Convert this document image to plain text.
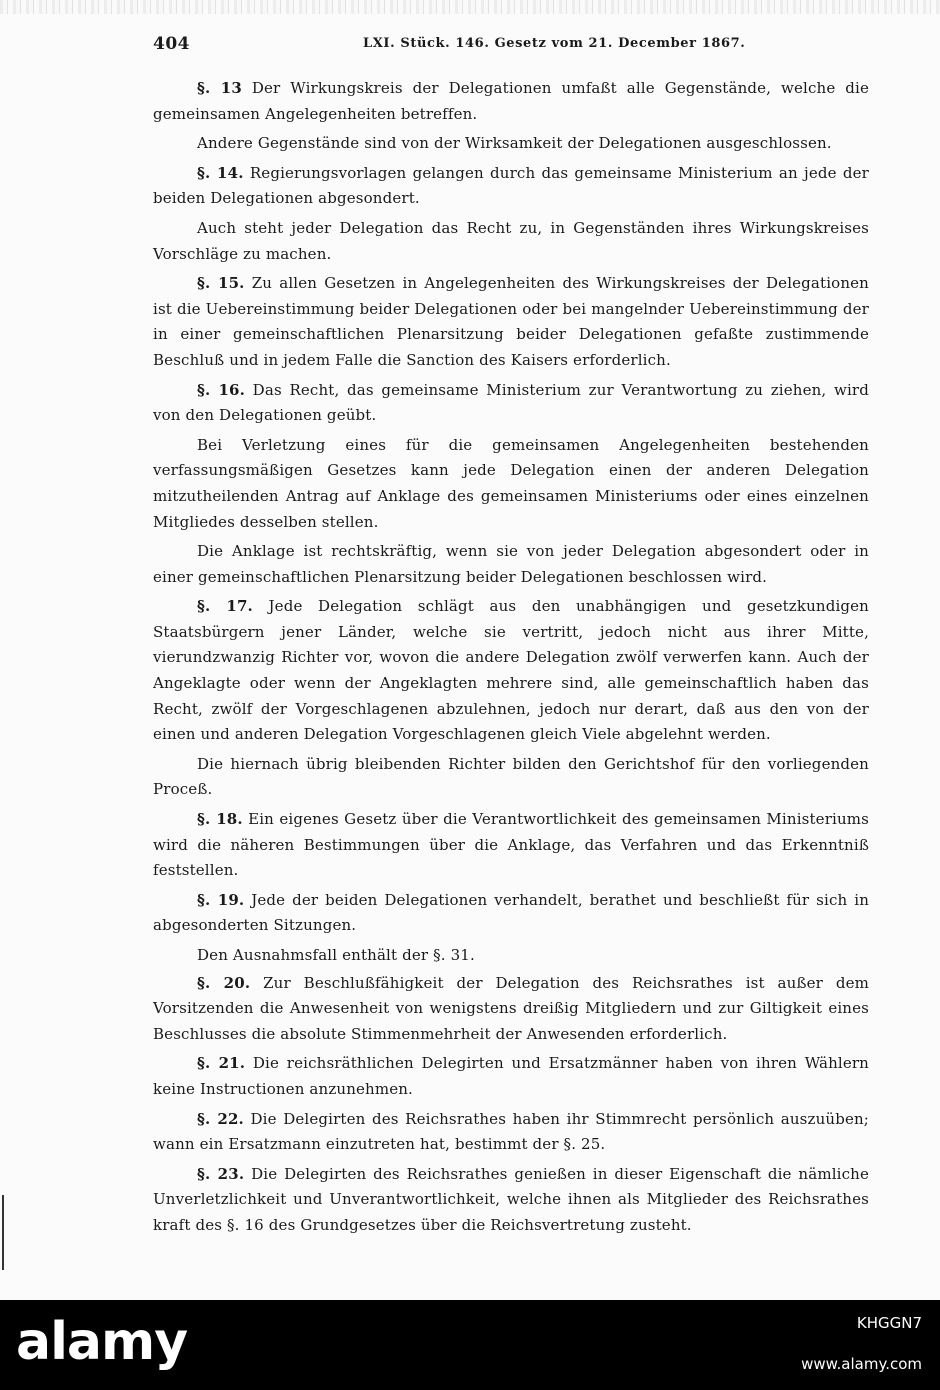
404	LXI. Stück. 146. Gesetz vom 21. December 1867.

§. 13 Der Wirkungskreis der Delegationen umfaßt alle Gegenstände, welche die gemeinsamen Angelegenheiten betreffen.

Andere Gegenstände sind von der Wirksamkeit der Delegationen ausgeschlossen.

§. 14. Regierungsvorlagen gelangen durch das gemeinsame Ministerium an jede der beiden Delegationen abgesondert.

Auch steht jeder Delegation das Recht zu, in Gegenständen ihres Wirkungskreises Vorschläge zu machen.

§. 15. Zu allen Gesetzen in Angelegenheiten des Wirkungskreises der Delegationen ist die Uebereinstimmung beider Delegationen oder bei mangelnder Uebereinstimmung der in einer gemeinschaftlichen Plenarsitzung beider Delegationen gefaßte zustimmende Beschluß und in jedem Falle die Sanction des Kaisers erforderlich.

§. 16. Das Recht, das gemeinsame Ministerium zur Verantwortung zu ziehen, wird von den Delegationen geübt.

Bei Verletzung eines für die gemeinsamen Angelegenheiten bestehenden verfassungsmäßigen Gesetzes kann jede Delegation einen der anderen Delegation mitzutheilenden Antrag auf Anklage des gemeinsamen Ministeriums oder eines einzelnen Mitgliedes desselben stellen.

Die Anklage ist rechtskräftig, wenn sie von jeder Delegation abgesondert oder in einer gemeinschaftlichen Plenarsitzung beider Delegationen beschlossen wird.

§. 17. Jede Delegation schlägt aus den unabhängigen und gesetzkundigen Staatsbürgern jener Länder, welche sie vertritt, jedoch nicht aus ihrer Mitte, vierundzwanzig Richter vor, wovon die andere Delegation zwölf verwerfen kann. Auch der Angeklagte oder wenn der Angeklagten mehrere sind, alle gemeinschaftlich haben das Recht, zwölf der Vorgeschlagenen abzulehnen, jedoch nur derart, daß aus den von der einen und anderen Delegation Vorgeschlagenen gleich Viele abgelehnt werden.

Die hiernach übrig bleibenden Richter bilden den Gerichtshof für den vorliegenden Proceß.

§. 18. Ein eigenes Gesetz über die Verantwortlichkeit des gemeinsamen Ministeriums wird die näheren Bestimmungen über die Anklage, das Verfahren und das Erkenntniß feststellen.

§. 19. Jede der beiden Delegationen verhandelt, berathet und beschließt für sich in abgesonderten Sitzungen.

Den Ausnahmsfall enthält der §. 31.

§. 20. Zur Beschlußfähigkeit der Delegation des Reichsrathes ist außer dem Vorsitzenden die Anwesenheit von wenigstens dreißig Mitgliedern und zur Giltigkeit eines Beschlusses die absolute Stimmenmehrheit der Anwesenden erforderlich.

§. 21. Die reichsräthlichen Delegirten und Ersatzmänner haben von ihren Wählern keine Instructionen anzunehmen.

§. 22. Die Delegirten des Reichsrathes haben ihr Stimmrecht persönlich auszuüben; wann ein Ersatzmann einzutreten hat, bestimmt der §. 25.

§. 23. Die Delegirten des Reichsrathes genießen in dieser Eigenschaft die nämliche Unverletzlichkeit und Unverantwortlichkeit, welche ihnen als Mitglieder des Reichsrathes kraft des §. 16 des Grundgesetzes über die Reichsvertretung zusteht.

alamy	KHGGN7
www.alamy.com
